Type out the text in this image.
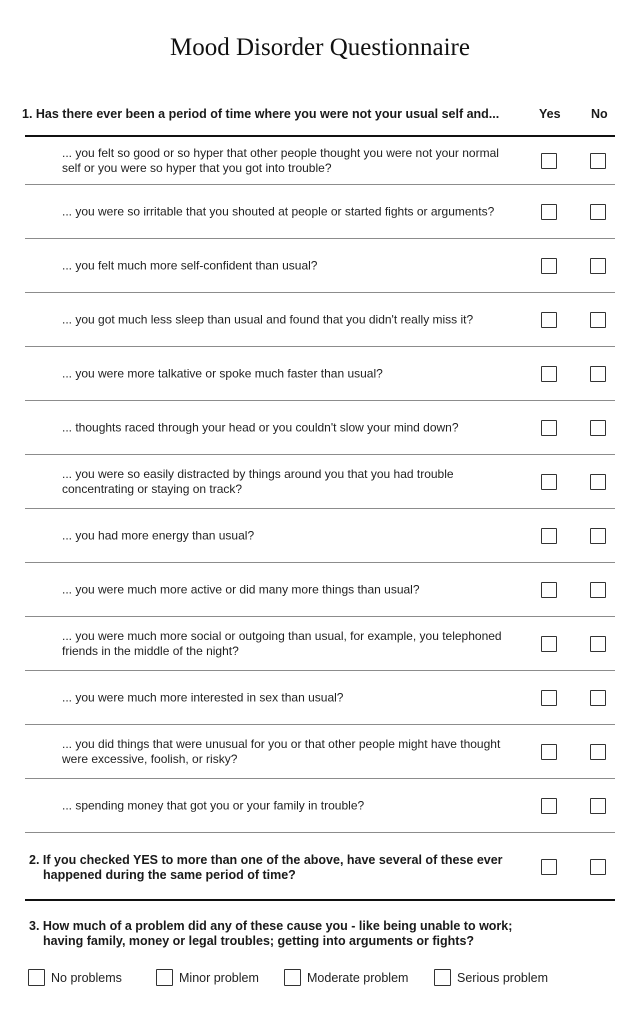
Mood Disorder Questionnaire
1. Has there ever been a period of time where you were not your usual self and...	Yes No
... you felt so good or so hyper that other people thought you were not your normal self or you were so hyper that you got into trouble?
... you were so irritable that you shouted at people or started fights or arguments?
... you felt much more self-confident than usual?
... you got much less sleep than usual and found that you didn't really miss it?
... you were more talkative or spoke much faster than usual?
... thoughts raced through your head or you couldn't slow your mind down?
... you were so easily distracted by things around you that you had trouble concentrating or staying on track?
... you had more energy than usual?
... you were much more active or did many more things than usual?
... you were much more social or outgoing than usual, for example, you telephoned friends in the middle of the night?
... you were much more interested in sex than usual?
... you did things that were unusual for you or that other people might have thought were excessive, foolish, or risky?
... spending money that got you or your family in trouble?
2. If you checked YES to more than one of the above, have several of these ever happened during the same period of time?
3. How much of a problem did any of these cause you - like being unable to work; having family, money or legal troubles; getting into arguments or fights?
No problems	Minor problem	Moderate problem	Serious problem
